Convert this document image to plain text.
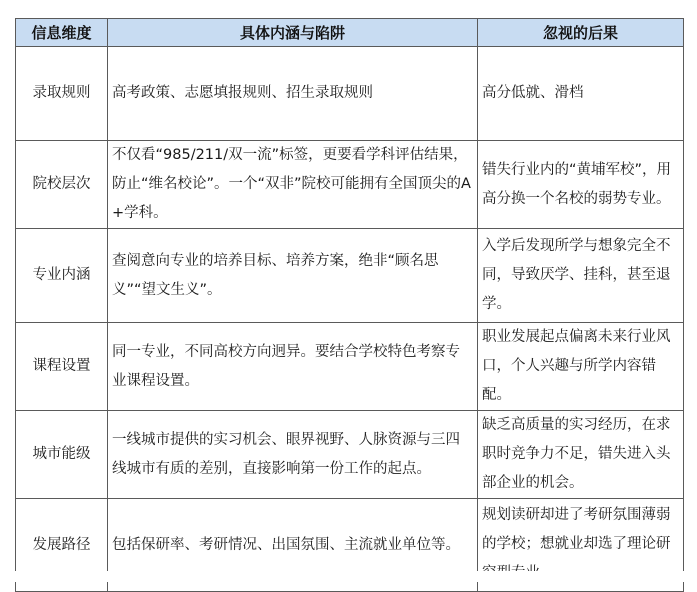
信息维度	具体内涵与陷阱	忽视的后果
录取规则	高考政策、志愿填报规则、招生录取规则	高分低就、滑档
院校层次	不仅看“985/211/双一流”标签，更要看学科评估结果，防止“维名校论”。一个“双非”院校可能拥有全国顶尖的A+学科。	错失行业内的“黄埔军校”，用高分换一个名校的弱势专业。
专业内涵	查阅意向专业的培养目标、培养方案，绝非“顾名思义”“望文生义”。	入学后发现所学与想象完全不同，导致厌学、挂科，甚至退学。
课程设置	同一专业，不同高校方向迥异。要结合学校特色考察专业课程设置。	职业发展起点偏离未来行业风口，个人兴趣与所学内容错配。
城市能级	一线城市提供的实习机会、眼界视野、人脉资源与三四线城市有质的差别，直接影响第一份工作的起点。	缺乏高质量的实习经历，在求职时竞争力不足，错失进入头部企业的机会。
发展路径	包括保研率、考研情况、出国氛围、主流就业单位等。	规划读研却进了考研氛围薄弱的学校；想就业却选了理论研
